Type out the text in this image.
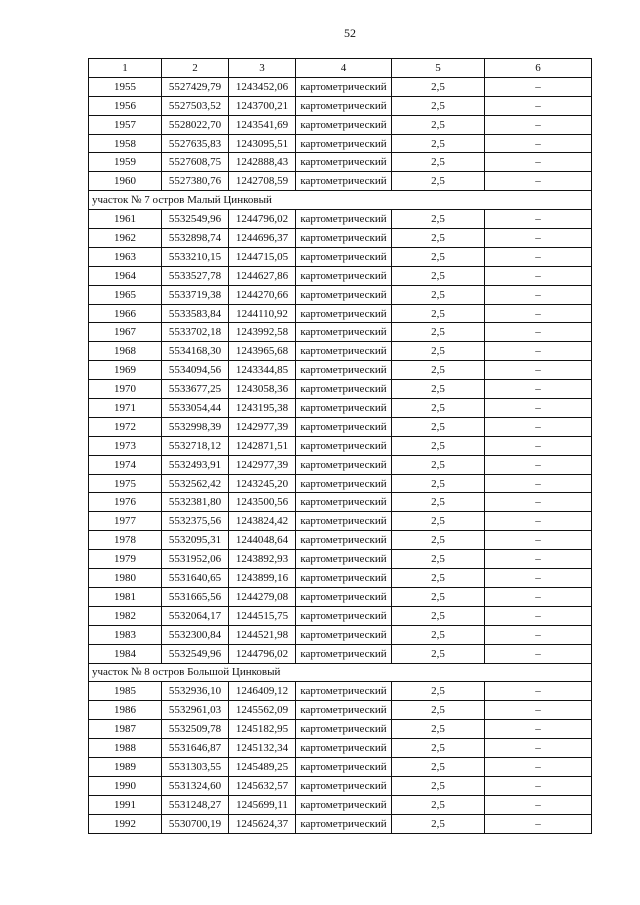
52
1	2	3	4	5	6
1955	5527429,79	1243452,06	картометрический	2,5	–
1956	5527503,52	1243700,21	картометрический	2,5	–
1957	5528022,70	1243541,69	картометрический	2,5	–
1958	5527635,83	1243095,51	картометрический	2,5	–
1959	5527608,75	1242888,43	картометрический	2,5	–
1960	5527380,76	1242708,59	картометрический	2,5	–
участок № 7 остров Малый Цинковый					
1961	5532549,96	1244796,02	картометрический	2,5	–
1962	5532898,74	1244696,37	картометрический	2,5	–
1963	5533210,15	1244715,05	картометрический	2,5	–
1964	5533527,78	1244627,86	картометрический	2,5	–
1965	5533719,38	1244270,66	картометрический	2,5	–
1966	5533583,84	1244110,92	картометрический	2,5	–
1967	5533702,18	1243992,58	картометрический	2,5	–
1968	5534168,30	1243965,68	картометрический	2,5	–
1969	5534094,56	1243344,85	картометрический	2,5	–
1970	5533677,25	1243058,36	картометрический	2,5	–
1971	5533054,44	1243195,38	картометрический	2,5	–
1972	5532998,39	1242977,39	картометрический	2,5	–
1973	5532718,12	1242871,51	картометрический	2,5	–
1974	5532493,91	1242977,39	картометрический	2,5	–
1975	5532562,42	1243245,20	картометрический	2,5	–
1976	5532381,80	1243500,56	картометрический	2,5	–
1977	5532375,56	1243824,42	картометрический	2,5	–
1978	5532095,31	1244048,64	картометрический	2,5	–
1979	5531952,06	1243892,93	картометрический	2,5	–
1980	5531640,65	1243899,16	картометрический	2,5	–
1981	5531665,56	1244279,08	картометрический	2,5	–
1982	5532064,17	1244515,75	картометрический	2,5	–
1983	5532300,84	1244521,98	картометрический	2,5	–
1984	5532549,96	1244796,02	картометрический	2,5	–
участок № 8 остров Большой Цинковый					
1985	5532936,10	1246409,12	картометрический	2,5	–
1986	5532961,03	1245562,09	картометрический	2,5	–
1987	5532509,78	1245182,95	картометрический	2,5	–
1988	5531646,87	1245132,34	картометрический	2,5	–
1989	5531303,55	1245489,25	картометрический	2,5	–
1990	5531324,60	1245632,57	картометрический	2,5	–
1991	5531248,27	1245699,11	картометрический	2,5	–
1992	5530700,19	1245624,37	картометрический	2,5	–
